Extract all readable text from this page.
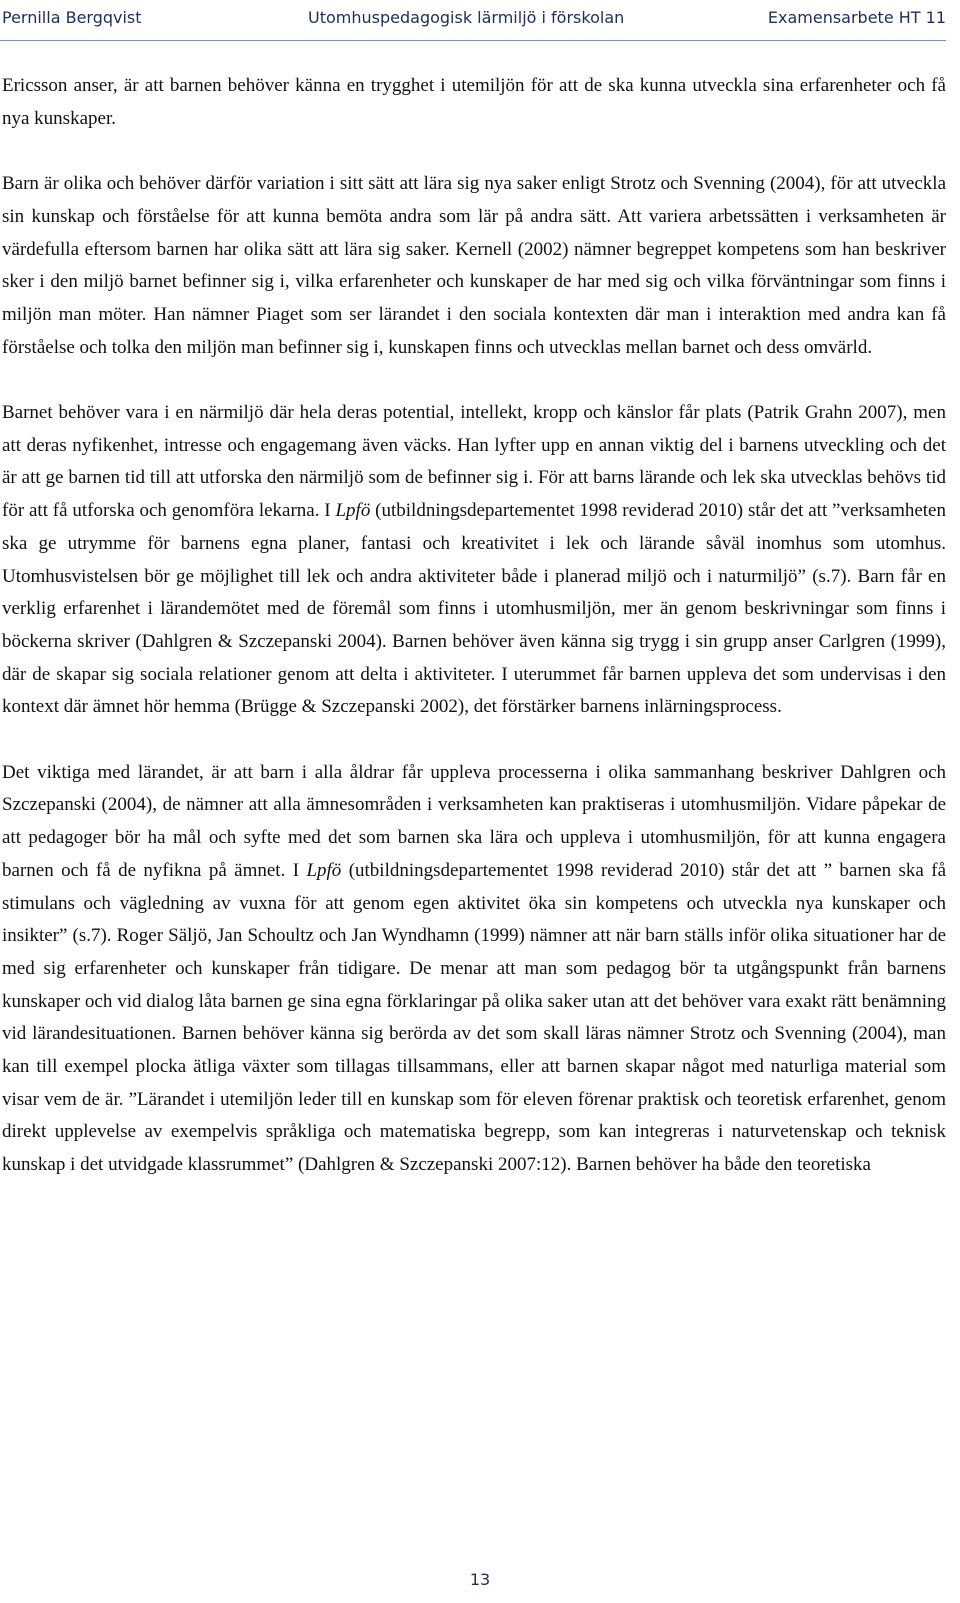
Pernilla Bergqvist	Utomhuspedagogisk lärmiljö i förskolan	Examensarbete HT 11

Ericsson anser, är att barnen behöver känna en trygghet i utemiljön för att de ska kunna utveckla sina erfarenheter och få nya kunskaper.

Barn är olika och behöver därför variation i sitt sätt att lära sig nya saker enligt Strotz och Svenning (2004), för att utveckla sin kunskap och förståelse för att kunna bemöta andra som lär på andra sätt. Att variera arbetssätten i verksamheten är värdefulla eftersom barnen har olika sätt att lära sig saker. Kernell (2002) nämner begreppet kompetens som han beskriver sker i den miljö barnet befinner sig i, vilka erfarenheter och kunskaper de har med sig och vilka förväntningar som finns i miljön man möter. Han nämner Piaget som ser lärandet i den sociala kontexten där man i interaktion med andra kan få förståelse och tolka den miljön man befinner sig i, kunskapen finns och utvecklas mellan barnet och dess omvärld.

Barnet behöver vara i en närmiljö där hela deras potential, intellekt, kropp och känslor får plats (Patrik Grahn 2007), men att deras nyfikenhet, intresse och engagemang även väcks. Han lyfter upp en annan viktig del i barnens utveckling och det är att ge barnen tid till att utforska den närmiljö som de befinner sig i. För att barns lärande och lek ska utvecklas behövs tid för att få utforska och genomföra lekarna. I Lpfö (utbildningsdepartementet 1998 reviderad 2010) står det att ”verksamheten ska ge utrymme för barnens egna planer, fantasi och kreativitet i lek och lärande såväl inomhus som utomhus. Utomhusvistelsen bör ge möjlighet till lek och andra aktiviteter både i planerad miljö och i naturmiljö” (s.7). Barn får en verklig erfarenhet i lärandemötet med de föremål som finns i utomhusmiljön, mer än genom beskrivningar som finns i böckerna skriver (Dahlgren & Szczepanski 2004). Barnen behöver även känna sig trygg i sin grupp anser Carlgren (1999), där de skapar sig sociala relationer genom att delta i aktiviteter. I uterummet får barnen uppleva det som undervisas i den kontext där ämnet hör hemma (Brügge & Szczepanski 2002), det förstärker barnens inlärningsprocess.

Det viktiga med lärandet, är att barn i alla åldrar får uppleva processerna i olika sammanhang beskriver Dahlgren och Szczepanski (2004), de nämner att alla ämnesområden i verksamheten kan praktiseras i utomhusmiljön. Vidare påpekar de att pedagoger bör ha mål och syfte med det som barnen ska lära och uppleva i utomhusmiljön, för att kunna engagera barnen och få de nyfikna på ämnet. I Lpfö (utbildningsdepartementet 1998 reviderad 2010) står det att ” barnen ska få stimulans och vägledning av vuxna för att genom egen aktivitet öka sin kompetens och utveckla nya kunskaper och insikter” (s.7). Roger Säljö, Jan Schoultz och Jan Wyndhamn (1999) nämner att när barn ställs inför olika situationer har de med sig erfarenheter och kunskaper från tidigare. De menar att man som pedagog bör ta utgångspunkt från barnens kunskaper och vid dialog låta barnen ge sina egna förklaringar på olika saker utan att det behöver vara exakt rätt benämning vid lärandesituationen. Barnen behöver känna sig berörda av det som skall läras nämner Strotz och Svenning (2004), man kan till exempel plocka ätliga växter som tillagas tillsammans, eller att barnen skapar något med naturliga material som visar vem de är. ”Lärandet i utemiljön leder till en kunskap som för eleven förenar praktisk och teoretisk erfarenhet, genom direkt upplevelse av exempelvis språkliga och matematiska begrepp, som kan integreras i naturvetenskap och teknisk kunskap i det utvidgade klassrummet” (Dahlgren & Szczepanski 2007:12). Barnen behöver ha både den teoretiska

13
